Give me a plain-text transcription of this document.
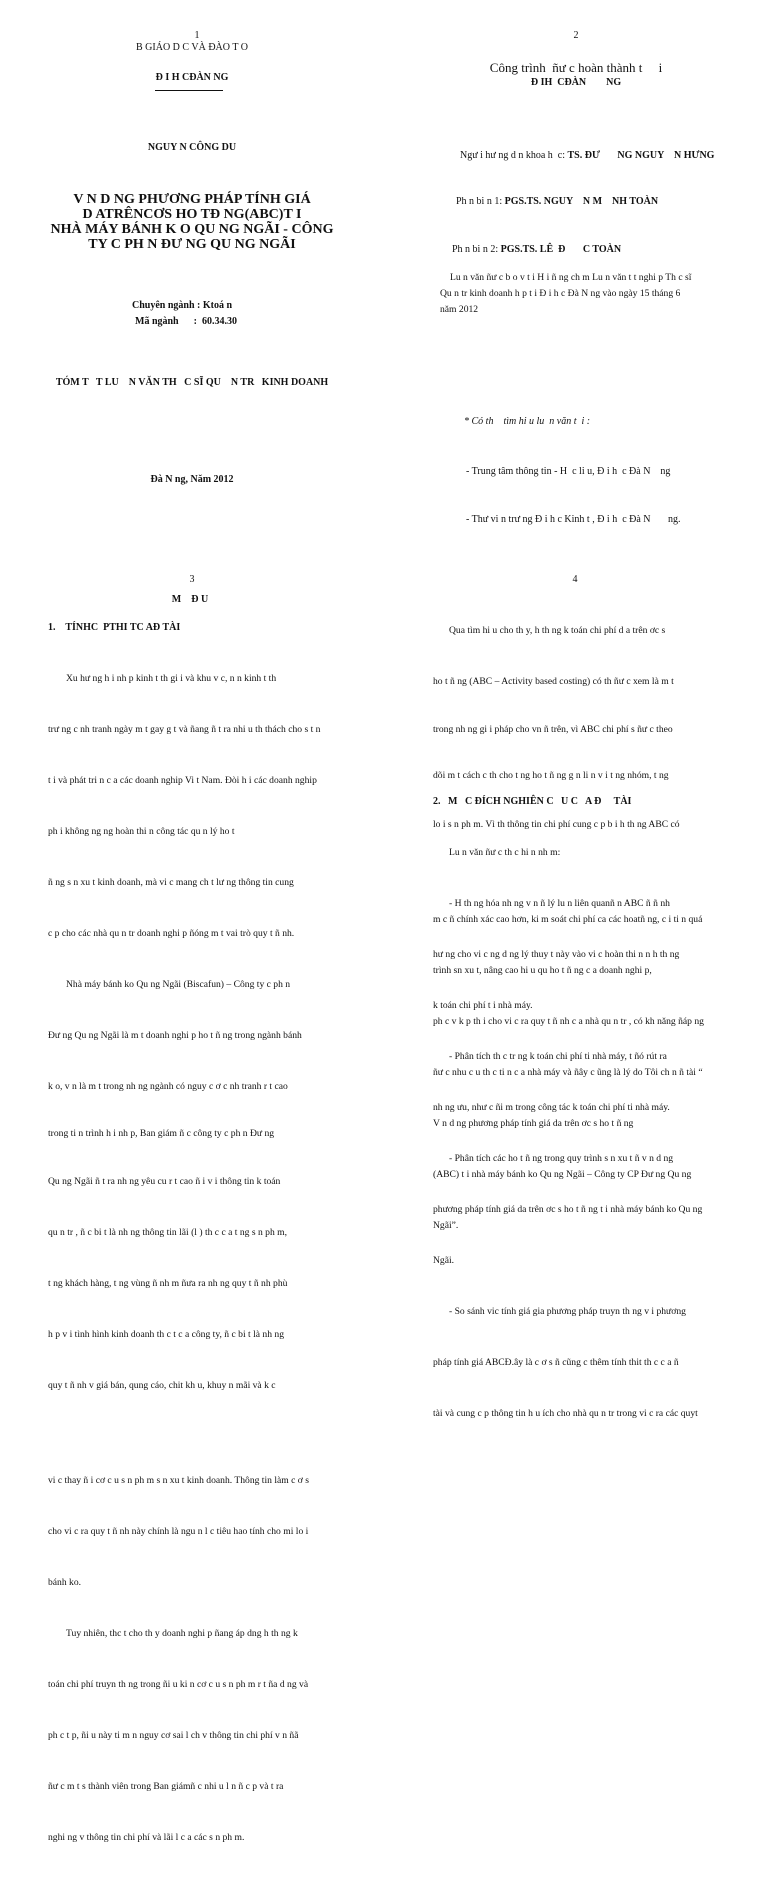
1
B GIÁO D C VÀ ĐÀO T O
Đ I H CĐÀN NG
NGUY N CÔNG DU
V N D NG PHƯƠNG PHÁP TÍNH GIÁ
D ATRÊNCƠS HO TĐ NG(ABC)T I
NHÀ MÁY BÁNH K O QU NG NGÃI - CÔNG
TY C PH N ĐƯ NG QU NG NGÃI
Chuyên ngành : Ktoá n
Mã ngành      :  60.34.30
TÓM T   T LU    N VĂN TH   C SĨ QU    N TR   KINH DOANH
Đà N ng, Năm 2012
2
Công trình  ñư c hoàn thành t     i
Đ IH  CĐÀN        NG

Ngư i hư ng d n khoa h  c: TS. ĐƯ       NG NGUY    N HƯNG

Ph n bi n 1: PGS.TS. NGUY    N M    NH TOÀN

Ph n bi n 2: PGS.TS. LÊ  Đ       C TOÀN

Lu n văn ñư c b o v t i H i ñ ng ch m Lu n văn t t nghi p Th c sĩ
Qu n tr kinh doanh h p t i Đ i h c Đà N ng vào ngày 15 tháng 6
năm 2012
* Có th    tìm hi u lu  n văn t  i :

- Trung tâm thông tin - H  c li u, Đ i h  c Đà N    ng

- Thư vi n trư ng Đ i h c Kinh t , Đ i h  c Đà N       ng.

3
M    Đ U
1.    TÍNHC  PTHI TC AĐ TÀI

Xu hư ng h i nh p kinh t th gi i và khu v c, n n kinh t th

trư ng c nh tranh ngày m t gay g t và ñang ñ t ra nhi u th thách cho s t n

t i và phát tri n c a các doanh nghip Vi t Nam. Đòi h i các doanh nghip

ph i không ng ng hoàn thi n công tác qu n lý ho t

ñ ng s n xu t kinh doanh, mà vi c mang ch t lư ng thông tin cung

c p cho các nhà qu n tr doanh nghi p ñóng m t vai trò quy t ñ nh.

Nhà máy bánh ko Qu ng Ngãi (Biscafun) – Công ty c ph n

Đư ng Qu ng Ngãi là m t doanh nghi p ho t ñ ng trong ngành bánh

k o, v n là m t trong nh ng ngành có nguy c ơ c nh tranh r t cao

trong ti n trình h i nh p, Ban giám ñ c công ty c ph n Đư ng

Qu ng Ngãi ñ t ra nh ng yêu cu r t cao ñ i v i thông tin k toán

qu n tr , ñ c bi t là nh ng thông tin lãi (l ) th c c a t ng s n ph m,

t ng khách hàng, t ng vùng ñ nh m ñưa ra nh ng quy t ñ nh phù

h p v i tình hình kinh doanh th c t c a công ty, ñ c bi t là nh ng

quy t ñ nh v giá bán, qung cáo, chit kh u, khuy n mãi và k c

vi c thay ñ i cơ c u s n ph m s n xu t kinh doanh. Thông tin làm c ơ s

cho vi c ra quy t ñ nh này chính là ngu n l c tiêu hao tính cho mi lo i

bánh ko.

Tuy nhiên, thc t cho th y doanh nghi p ñang áp dng h th ng k

toán chi phí truyn th ng trong ñi u ki n cơ c u s n ph m r t ña d ng và

ph c t p, ñi u này ti m n nguy cơ sai l ch v thông tin chi phí v n ñã

ñư c m t s thành viên trong Ban giámñ c nhi u l n ñ c p và t ra

nghi ng v thông tin chi phí và lãi l c a các s n ph m.

4

Qua tìm hi u cho th y, h th ng k toán chi phí d a trên ơc s

ho t ñ ng (ABC – Activity based costing) có th ñư c xem là m t

trong nh ng gi i pháp cho vn ñ trên, vì ABC chi phí s ñư c theo

dõi m t cách c th cho t ng ho t ñ ng g n li n v i t ng nhóm, t ng

lo i s n ph m. Vì th thông tin chi phí cung c p b i h th ng ABC có

m c ñ chính xác cao hơn, ki m soát chi phí ca các hoatñ ng, c i ti n quá

trình sn xu t, nâng cao hi u qu ho t ñ ng c a doanh nghi p,

ph c v k p th i cho vi c ra quy t ñ nh c a nhà qu n tr , có kh năng ñáp ng

ñư c nhu c u th c ti n c a nhà máy và ñây c ũng là lý do Tôi ch n ñ tài “

V n d ng phương pháp tính giá da trên ơc s ho t ñ ng

(ABC) t i nhà máy bánh ko Qu ng Ngãi – Công ty CP Đư ng Qu ng

Ngãi”.

2.   M   C ĐÍCH NGHIÊN C   U C   A Đ     TÀI

Lu n văn ñư c th c hi n nh m:

- H th ng hóa nh ng v n ñ lý lu n liên quanñ n ABC ñ ñ nh

hư ng cho vi c ng d ng lý thuy t này vào vi c hoàn thi n n h th ng

k toán chi phí t i nhà máy.

- Phân tích th c tr ng k toán chi phí ti nhà máy, t ñó rút ra

nh ng ưu, như c ñi m trong công tác k toán chi phí ti nhà máy.

- Phân tích các ho t ñ ng trong quy trình s n xu t ñ v n d ng

phương pháp tính giá da trên ơc s ho t ñ ng t i nhà máy bánh ko Qu ng

Ngãi.

- So sánh vic tính giá gia phương pháp truyn th ng v i phương

pháp tính giá ABCĐ.ây là c ơ s ñ cũng c thêm tính thit th c c a ñ

tài và cung c p thông tin h u ích cho nhà qu n tr trong vi c ra các quyt
